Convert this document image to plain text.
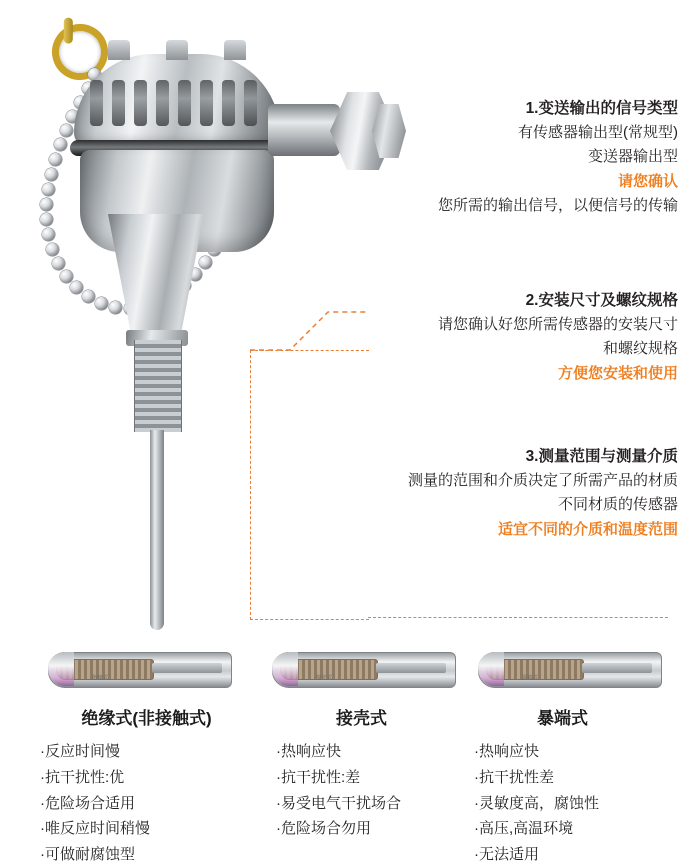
1.变送输出的信号类型
有传感器输出型(常规型)
变送器输出型
请您确认
您所需的输出信号，以便信号的传输
2.安装尺寸及螺纹规格
请您确认好您所需传感器的安装尺寸
和螺纹规格
方便您安装和使用
3.测量范围与测量介质
测量的范围和介质决定了所需产品的材质
不同材质的传感器
适宜不同的介质和温度范围
绝缘式
绝缘式(非接触式)
·反应时间慢
·抗干扰性:优
·危险场合适用
·唯反应时间稍慢
·可做耐腐蚀型
接壳式
接壳式
·热响应快
·抗干扰性:差
·易受电气干扰场合
·危险场合勿用
露端式
暴端式
·热响应快
·抗干扰性差
·灵敏度高，腐蚀性
·高压,高温环境
·无法适用
